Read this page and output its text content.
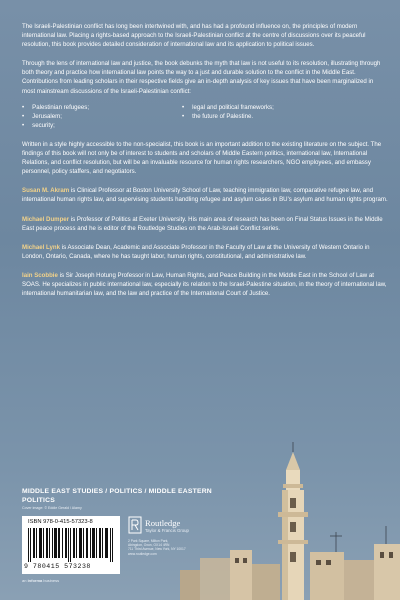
The Israeli-Palestinian conflict has long been intertwined with, and has had a profound influence on, the principles of modern international law. Placing a rights-based approach to the Israeli-Palestinian conflict at the centre of discussions over its peaceful resolution, this book provides detailed consideration of international law and its application to political issues.

Through the lens of international law and justice, the book debunks the myth that law is not useful to its resolution, illustrating through both theory and practice how international law points the way to a just and durable solution to the conflict in the Middle East. Contributions from leading scholars in their respective fields give an in-depth analysis of key issues that have been marginalized in most mainstream discussions of the Israeli-Palestinian conflict:

• Palestinian refugees;
• Jerusalem;
• security;
• legal and political frameworks;
• the future of Palestine.

Written in a style highly accessible to the non-specialist, this book is an important addition to the existing literature on the subject. The findings of this book will not only be of interest to students and scholars of Middle Eastern politics, international law, International Relations, and conflict resolution, but will be an invaluable resource for human rights researchers, NGO employees, and embassy personnel, policy staffers, and negotiators.

Susan M. Akram is Clinical Professor at Boston University School of Law, teaching immigration law, comparative refugee law, and international human rights law, and supervising students handling refugee and asylum cases in BU's asylum and human rights program.

Michael Dumper is Professor of Politics at Exeter University. His main area of research has been on Final Status Issues in the Middle East peace process and he is editor of the Routledge Studies on the Arab-Israeli Conflict series.

Michael Lynk is Associate Dean, Academic and Associate Professor in the Faculty of Law at the University of Western Ontario in London, Ontario, Canada, where he has taught labor, human rights, constitutional, and administrative law.

Iain Scobbie is Sir Joseph Hotung Professor in Law, Human Rights, and Peace Building in the Middle East in the School of Law at SOAS. He specializes in public international law, especially its relation to the Israel-Palestine situation, in the theory of international law, international humanitarian law, and the law and practice of the International Court of Justice.

MIDDLE EAST STUDIES / POLITICS / MIDDLE EASTERN POLITICS
Cover image: © Eddie Gerald / Alamy
ISBN 978-0-415-57323-8
9 780415 573238
an informa business
Routledge
Taylor & Francis Group
2 Park Square, Milton Park,
Abingdon, Oxon, OX14 4RN
711 Third Avenue, New York, NY 10017
www.routledge.com
